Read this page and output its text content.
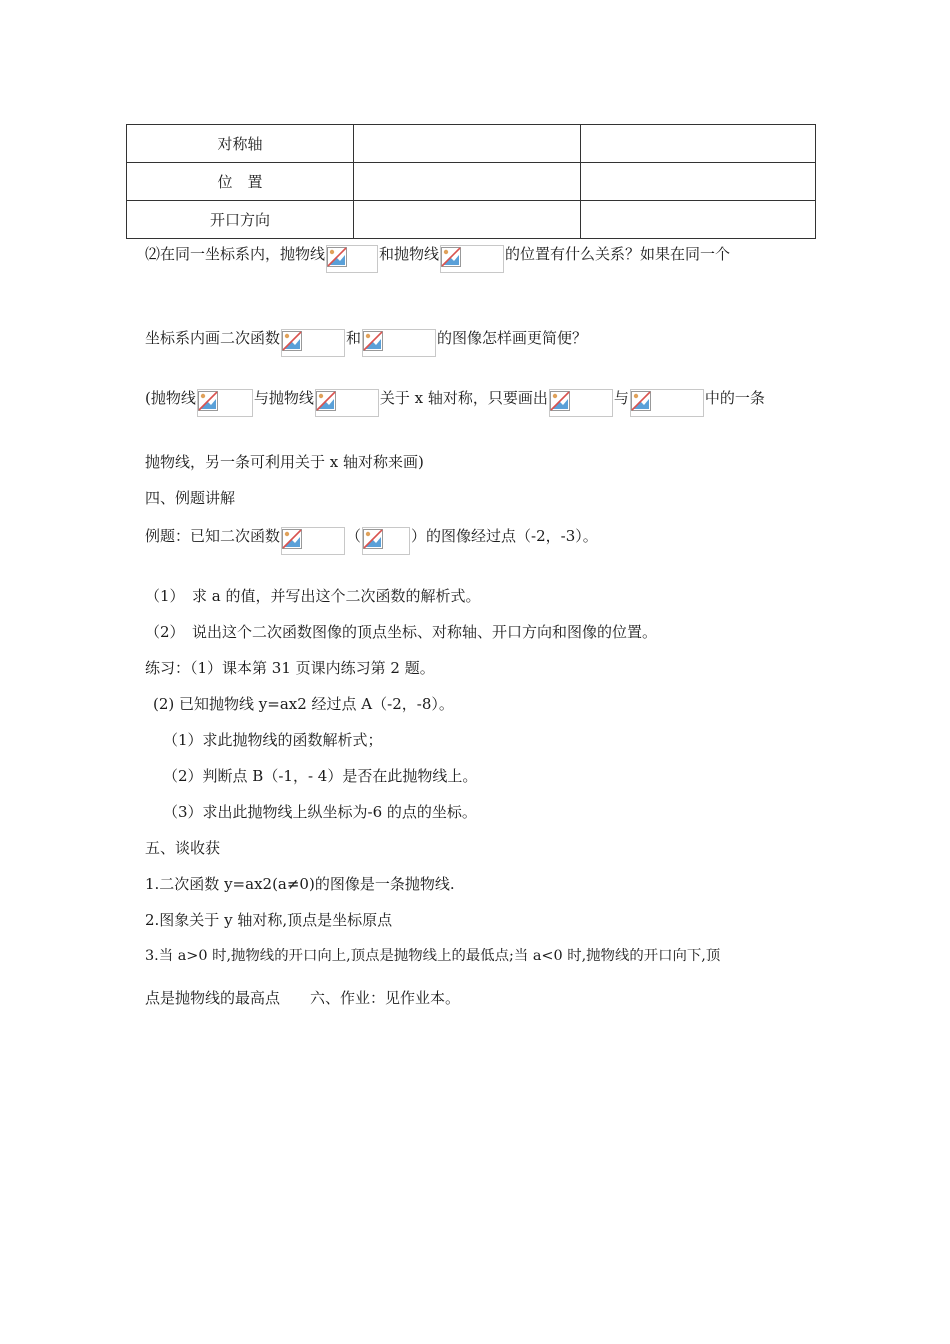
对称轴		
位　置		
开口方向		
⑵在同一坐标系内，抛物线	和抛物线	的位置有什么关系？如果在同一个
坐标系内画二次函数	和	的图像怎样画更简便？
(抛物线	与抛物线	关于 x 轴对称，只要画出	与	中的一条
抛物线，另一条可利用关于 x 轴对称来画)
四、例题讲解
例题：已知二次函数	（	）的图像经过点（-2，-3）。
（1）　求 a 的值，并写出这个二次函数的解析式。
（2）　说出这个二次函数图像的顶点坐标、对称轴、开口方向和图像的位置。
练习：（1）课本第 31 页课内练习第 2 题。
(2) 已知抛物线 y=ax2 经过点 A（-2，-8）。
（1）求此抛物线的函数解析式；
（2）判断点 B（-1，- 4）是否在此抛物线上。
（3）求出此抛物线上纵坐标为-6 的点的坐标。
五、谈收获
1.二次函数 y=ax2(a≠0)的图像是一条抛物线.
2.图象关于 y 轴对称,顶点是坐标原点
3.当 a>0 时,抛物线的开口向上,顶点是抛物线上的最低点;当 a<0 时,抛物线的开口向下,顶
点是抛物线的最高点　　六、作业：见作业本。
